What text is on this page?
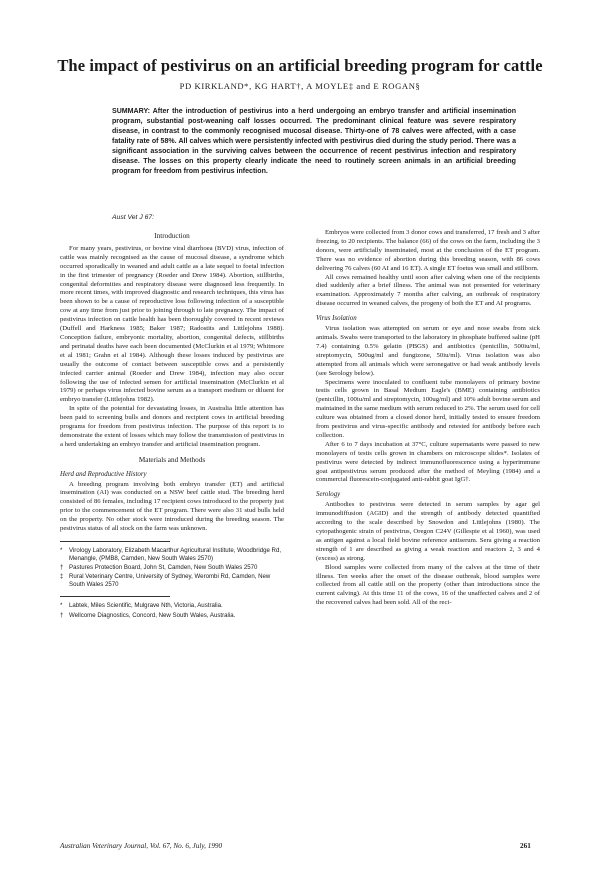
The impact of pestivirus on an artificial breeding program for cattle
PD KIRKLAND*, KG HART†, A MOYLE‡ and E ROGAN§
SUMMARY: After the introduction of pestivirus into a herd undergoing an embryo transfer and artificial insemination program, substantial post-weaning calf losses occurred. The predominant clinical feature was severe respiratory disease, in contrast to the commonly recognised mucosal disease. Thirty-one of 78 calves were affected, with a case fatality rate of 58%. All calves which were persistently infected with pestivirus died during the study period. There was a significant association in the surviving calves between the occurrence of recent pestivirus infection and respiratory disease. The losses on this property clearly indicate the need to routinely screen animals in an artificial breeding program for freedom from pestivirus infection.
Aust Vet J 67:
Introduction

For many years, pestivirus, or bovine viral diarrhoea (BVD) virus, infection of cattle was mainly recognised as the cause of mucosal disease, a syndrome which occurred sporadically in weaned and adult cattle as a late sequel to foetal infection in the first trimester of pregnancy (Roeder and Drew 1984). Abortion, stillbirths, congenital deformities and respiratory disease were diagnosed less frequently. In more recent times, with improved diagnostic and research techniques, this virus has been shown to be a cause of reproductive loss following infection of a susceptible cow at any time from just prior to joining through to late pregnancy. The impact of pestivirus infection on cattle health has been thoroughly covered in recent reviews (Duffell and Harkness 1985; Baker 1987; Radostits and Littlejohns 1988). Conception failure, embryonic mortality, abortion, congenital defects, stillbirths and perinatal deaths have each been documented (McClurkin et al 1979; Whitmore et al 1981; Grahn et al 1984). Although these losses induced by pestivirus are usually the outcome of contact between susceptible cows and a persistently infected carrier animal (Roeder and Drew 1984), infection may also occur following the use of infected semen for artificial insemination (McClurkin et al 1979) or perhaps virus infected bovine serum as a transport medium or diluent for embryo transfer (Littlejohns 1982).

In spite of the potential for devastating losses, in Australia little attention has been paid to screening bulls and donors and recipient cows in artificial breeding programs for freedom from pestivirus infection. The purpose of this report is to demonstrate the extent of losses which may follow the transmission of pestivirus in a herd undertaking an embryo transfer and artificial insemination program.

Materials and Methods
Herd and Reproductive History

A breeding program involving both embryo transfer (ET) and artificial insemination (AI) was conducted on a NSW beef cattle stud. The breeding herd consisted of 86 females, including 17 recipient cows introduced to the property just prior to the commencement of the ET program. There were also 31 stud bulls held on the property. No other stock were introduced during the breeding season. The pestivirus status of all stock on the farm was unknown.

*	Virology Laboratory, Elizabeth Macarthur Agricultural Institute, Woodbridge Rd, Menangle, (PMB8, Camden, New South Wales 2570)
† Pastures Protection Board, John St, Camden, New South Wales 2570
‡ Rural Veterinary Centre, University of Sydney, Werombi Rd, Camden, New South Wales 2570
*	Labtek, Miles Scientific, Mulgrave Nth, Victoria, Australia.
† Wellcome Diagnostics, Concord, New South Wales, Australia.

Embryos were collected from 3 donor cows and transferred, 17 fresh and 3 after freezing, to 20 recipients. The balance (66) of the cows on the farm, including the 3 donors, were artificially inseminated, most at the conclusion of the ET program. There was no evidence of abortion during this breeding season, with 86 cows delivering 76 calves (60 AI and 16 ET). A single ET foetus was small and stillborn.

All cows remained healthy until soon after calving when one of the recipients died suddenly after a brief illness. The animal was not presented for veterinary examination. Approximately 7 months after calving, an outbreak of respiratory disease occurred in weaned calves, the progeny of both the ET and AI programs.

Virus Isolation

Virus isolation was attempted on serum or eye and nose swabs from sick animals. Swabs were transported to the laboratory in phosphate buffered saline (pH 7.4) containing 0.5% gelatin (PBGS) and antibiotics (penicillin, 500iu/ml, streptomycin, 500ug/ml and fungizone, 50iu/ml). Virus isolation was also attempted from all animals which were seronegative or had weak antibody levels (see Serology below).

Specimens were inoculated to confluent tube monolayers of primary bovine testis cells grown in Basal Medium Eagle's (BME) containing antibiotics (penicillin, 100iu/ml and streptomycin, 100ug/ml) and 10% adult bovine serum and maintained in the same medium with serum reduced to 2%. The serum used for cell culture was obtained from a closed donor herd, initially tested to ensure freedom from pestivirus and virus-specific antibody and retested for antibody before each collection.

After 6 to 7 days incubation at 37°C, culture supernatants were passed to new monolayers of testis cells grown in chambers on microscope slides*. Isolates of pestivirus were detected by indirect immunofluorescence using a hyperimmune goat antipestivirus serum produced after the method of Meyling (1984) and a commercial fluorescein-conjugated anti-rabbit goat IgG†.

Serology

Antibodies to pestivirus were detected in serum samples by agar gel immunodiffusion (AGID) and the strength of antibody detected quantified according to the scale described by Snowdon and Littlejohns (1980). The cytopathogenic strain of pestivirus, Oregon C24V (Gillespie et al 1960), was used as antigen against a local field bovine reference antiserum. Sera giving a reaction strength of 1 are described as giving a weak reaction and reactors 2, 3 and 4 (excess) as strong.

Blood samples were collected from many of the calves at the time of their illness. Ten weeks after the onset of the disease outbreak, blood samples were collected from all cattle still on the property (other than introductions since the current calving). At this time 11 of the cows, 16 of the unaffected calves and 2 of the recovered calves had been sold. All of the reci-

Australian Veterinary Journal, Vol. 67, No. 6, July, 1990	261
